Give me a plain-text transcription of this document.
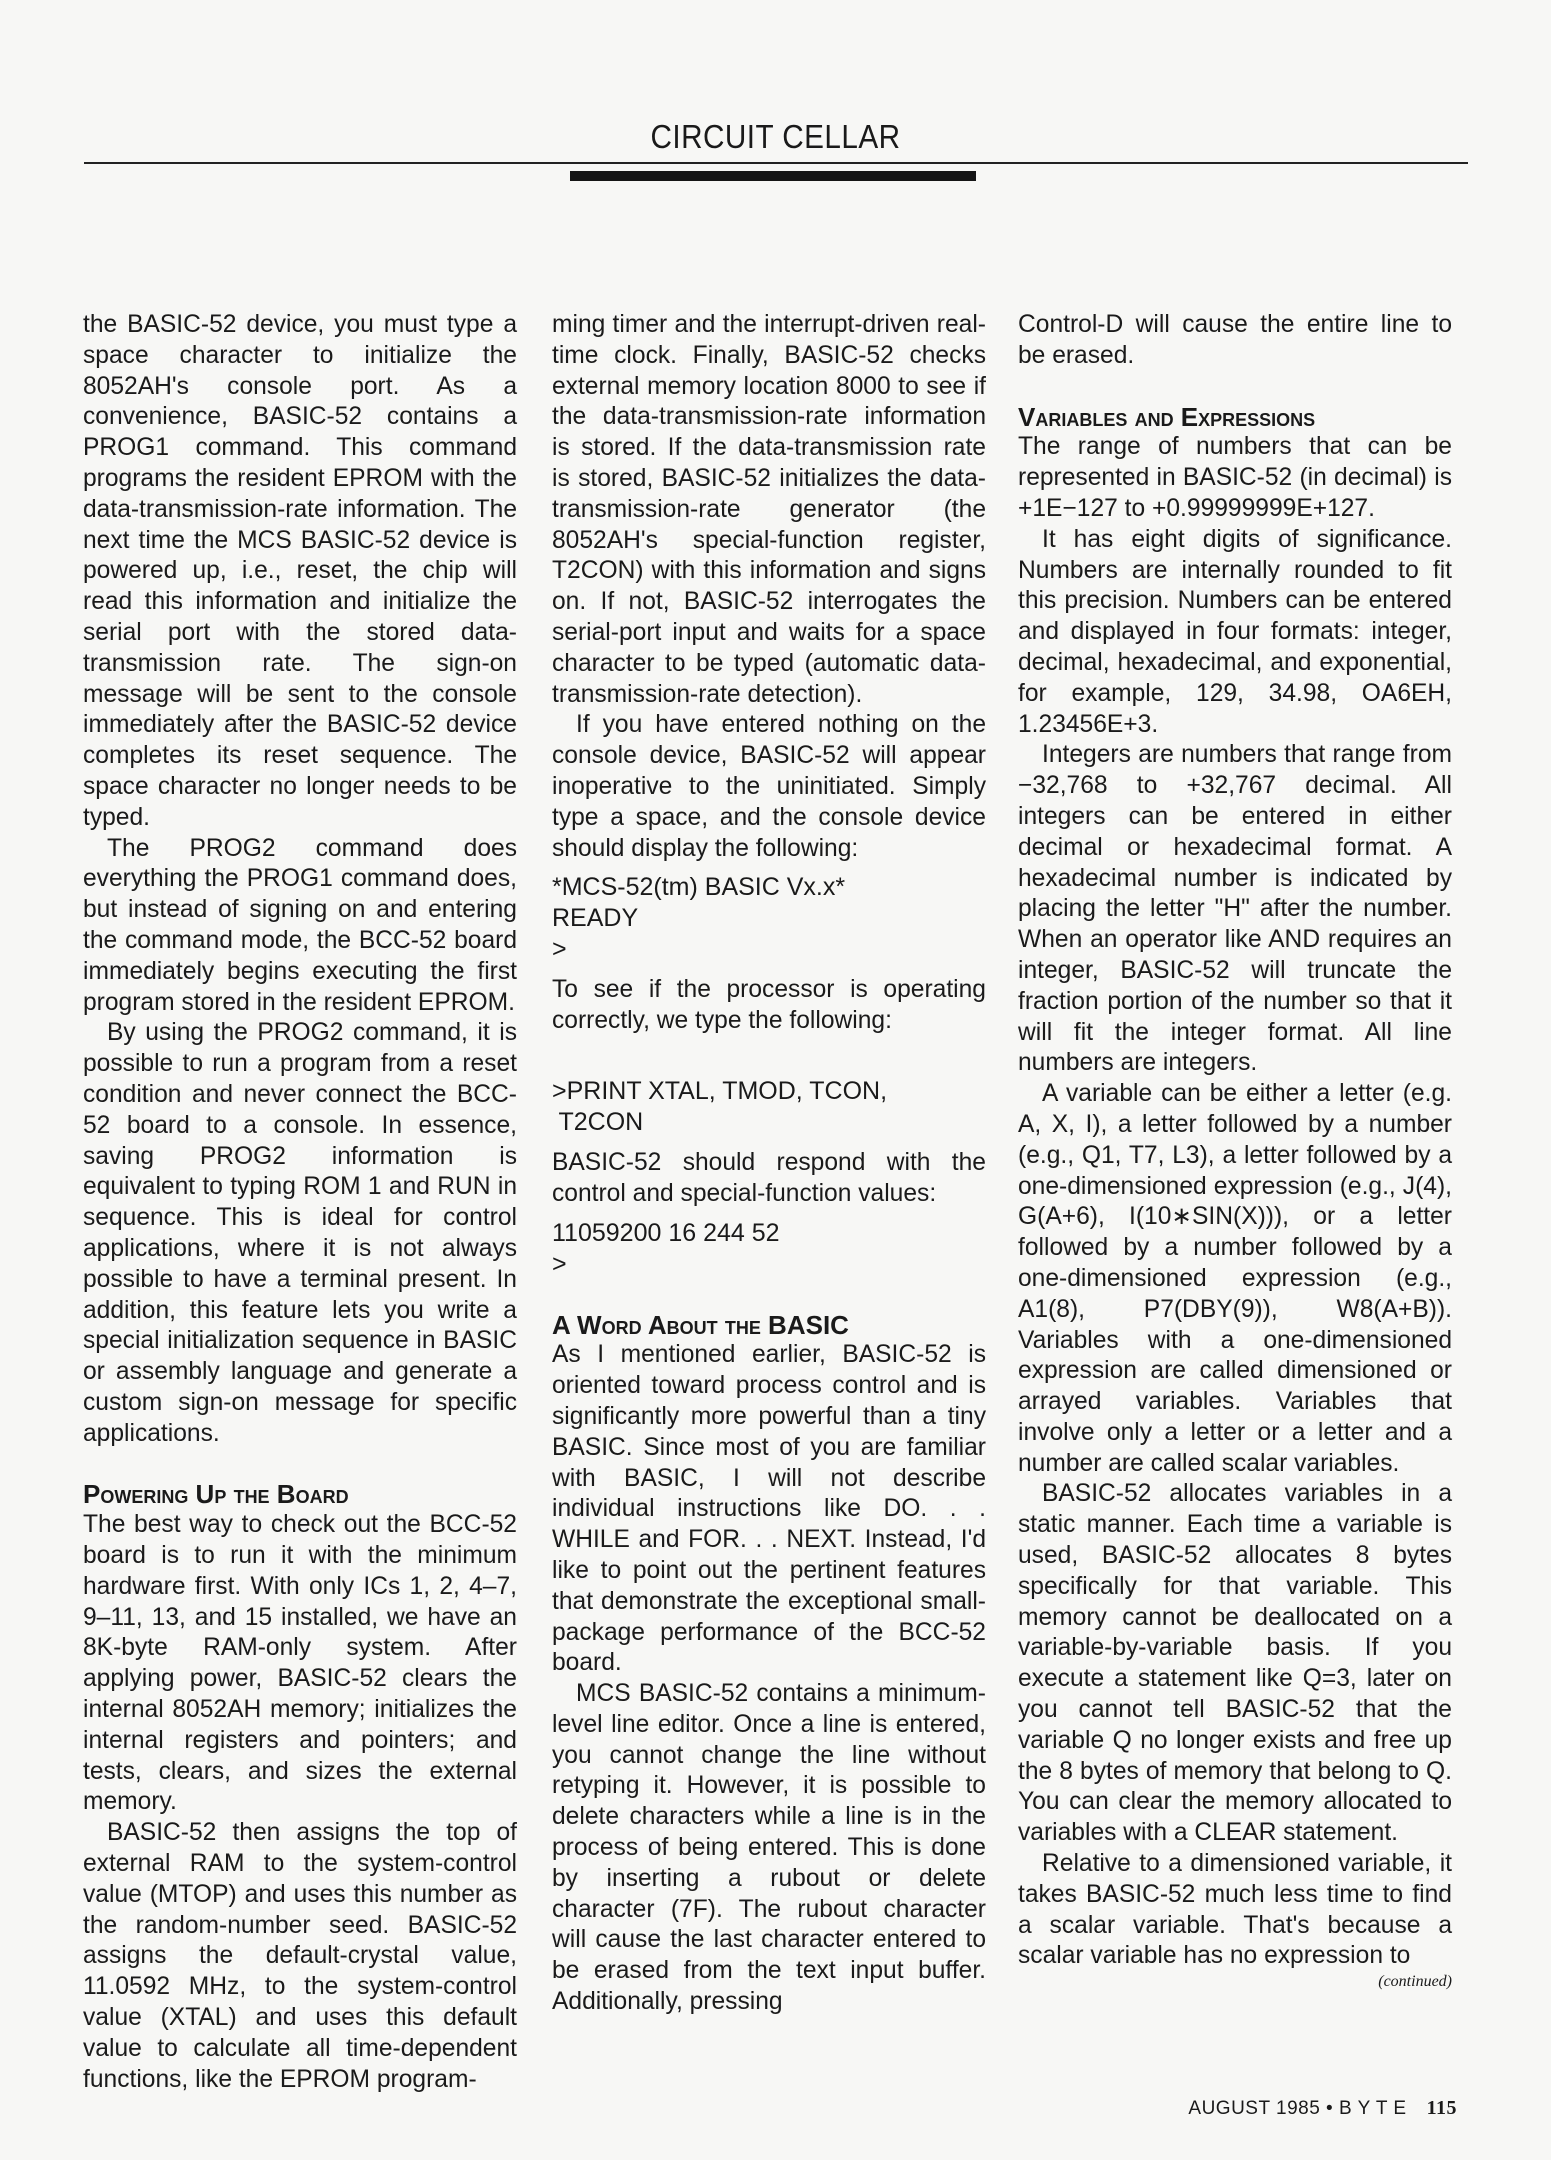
CIRCUIT CELLAR
the BASIC-52 device, you must type a space character to initialize the 8052AH's console port. As a convenience, BASIC-52 contains a PROG1 command. This command programs the resident EPROM with the data-transmission-rate information. The next time the MCS BASIC-52 device is powered up, i.e., reset, the chip will read this information and initialize the serial port with the stored data-transmission rate. The sign-on message will be sent to the console immediately after the BASIC-52 device completes its reset sequence. The space character no longer needs to be typed.
The PROG2 command does everything the PROG1 command does, but instead of signing on and entering the command mode, the BCC-52 board immediately begins executing the first program stored in the resident EPROM.
By using the PROG2 command, it is possible to run a program from a reset condition and never connect the BCC-52 board to a console. In essence, saving PROG2 information is equivalent to typing ROM 1 and RUN in sequence. This is ideal for control applications, where it is not always possible to have a terminal present. In addition, this feature lets you write a special initialization sequence in BASIC or assembly language and generate a custom sign-on message for specific applications.
Powering Up the Board
The best way to check out the BCC-52 board is to run it with the minimum hardware first. With only ICs 1, 2, 4–7, 9–11, 13, and 15 installed, we have an 8K-byte RAM-only system. After applying power, BASIC-52 clears the internal 8052AH memory; initializes the internal registers and pointers; and tests, clears, and sizes the external memory.
BASIC-52 then assigns the top of external RAM to the system-control value (MTOP) and uses this number as the random-number seed. BASIC-52 assigns the default-crystal value, 11.0592 MHz, to the system-control value (XTAL) and uses this default value to calculate all time-dependent functions, like the EPROM program-
ming timer and the interrupt-driven real-time clock. Finally, BASIC-52 checks external memory location 8000 to see if the data-transmission-rate information is stored. If the data-transmission rate is stored, BASIC-52 initializes the data-transmission-rate generator (the 8052AH's special-function register, T2CON) with this information and signs on. If not, BASIC-52 interrogates the serial-port input and waits for a space character to be typed (automatic data-transmission-rate detection).
If you have entered nothing on the console device, BASIC-52 will appear inoperative to the uninitiated. Simply type a space, and the console device should display the following:
*MCS-52(tm) BASIC Vx.x*
READY
>
To see if the processor is operating correctly, we type the following:

>PRINT XTAL, TMOD, TCON,
T2CON
BASIC-52 should respond with the control and special-function values:
11059200 16 244 52
>
A Word About the BASIC
As I mentioned earlier, BASIC-52 is oriented toward process control and is significantly more powerful than a tiny BASIC. Since most of you are familiar with BASIC, I will not describe individual instructions like DO. . . WHILE and FOR. . . NEXT. Instead, I'd like to point out the pertinent features that demonstrate the exceptional small-package performance of the BCC-52 board.
MCS BASIC-52 contains a minimum-level line editor. Once a line is entered, you cannot change the line without retyping it. However, it is possible to delete characters while a line is in the process of being entered. This is done by inserting a rubout or delete character (7F). The rubout character will cause the last character entered to be erased from the text input buffer. Additionally, pressing
Control-D will cause the entire line to be erased.
Variables and Expressions
The range of numbers that can be represented in BASIC-52 (in decimal) is +1E−127 to +0.99999999E+127.
It has eight digits of significance. Numbers are internally rounded to fit this precision. Numbers can be entered and displayed in four formats: integer, decimal, hexadecimal, and exponential, for example, 129, 34.98, OA6EH, 1.23456E+3.
Integers are numbers that range from −32,768 to +32,767 decimal. All integers can be entered in either decimal or hexadecimal format. A hexadecimal number is indicated by placing the letter "H" after the number. When an operator like AND requires an integer, BASIC-52 will truncate the fraction portion of the number so that it will fit the integer format. All line numbers are integers.
A variable can be either a letter (e.g. A, X, I), a letter followed by a number (e.g., Q1, T7, L3), a letter followed by a one-dimensioned expression (e.g., J(4), G(A+6), I(10∗SIN(X))), or a letter followed by a number followed by a one-dimensioned expression (e.g., A1(8), P7(DBY(9)), W8(A+B)). Variables with a one-dimensioned expression are called dimensioned or arrayed variables. Variables that involve only a letter or a letter and a number are called scalar variables.
BASIC-52 allocates variables in a static manner. Each time a variable is used, BASIC-52 allocates 8 bytes specifically for that variable. This memory cannot be deallocated on a variable-by-variable basis. If you execute a statement like Q=3, later on you cannot tell BASIC-52 that the variable Q no longer exists and free up the 8 bytes of memory that belong to Q. You can clear the memory allocated to variables with a CLEAR statement.
Relative to a dimensioned variable, it takes BASIC-52 much less time to find a scalar variable. That's because a scalar variable has no expression to
(continued)
AUGUST 1985 • B Y T E 115
